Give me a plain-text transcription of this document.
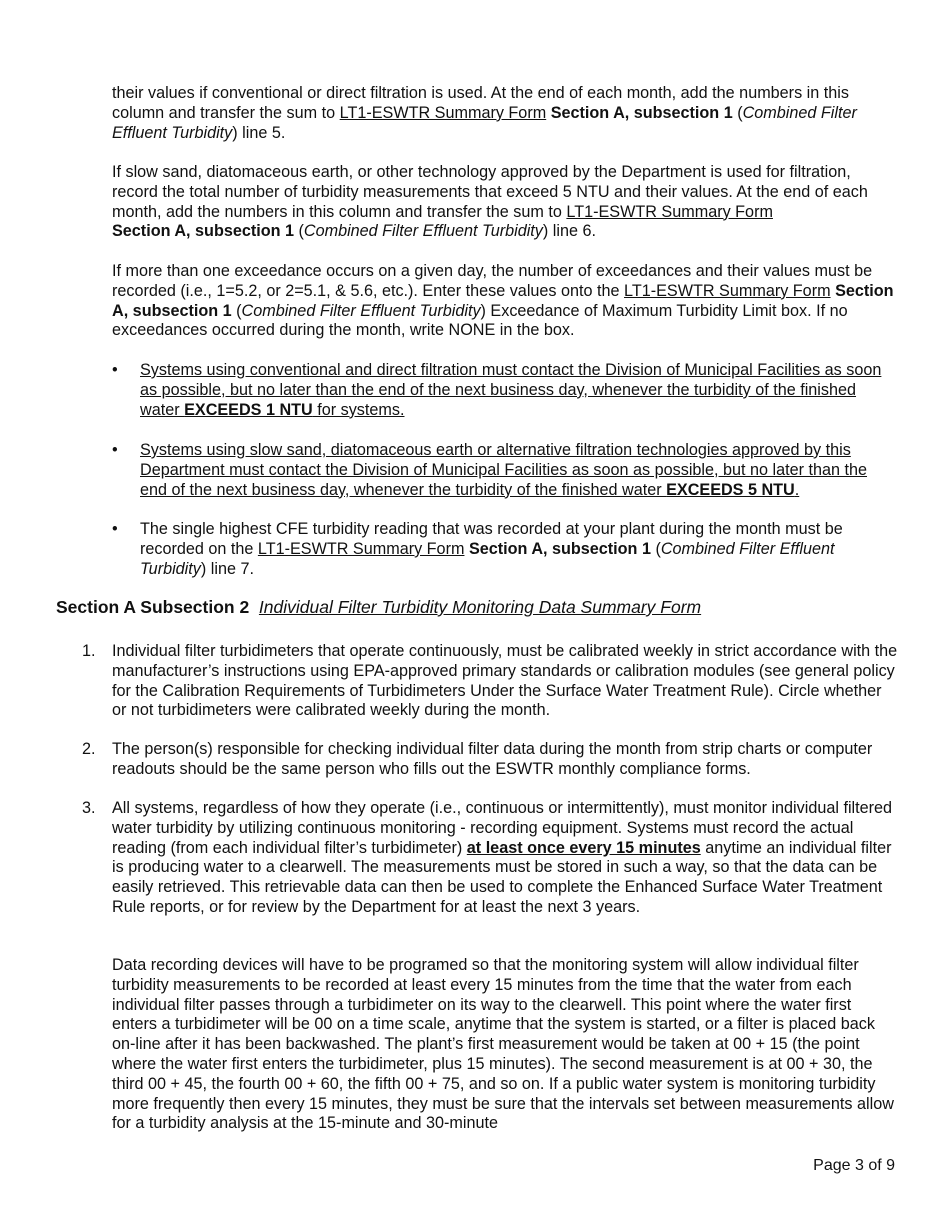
their values if conventional or direct filtration is used. At the end of each month, add the numbers in this column and transfer the sum to LT1-ESWTR Summary Form Section A, subsection 1 (Combined Filter Effluent Turbidity) line 5.

If slow sand, diatomaceous earth, or other technology approved by the Department is used for filtration, record the total number of turbidity measurements that exceed 5 NTU and their values. At the end of each month, add the numbers in this column and transfer the sum to LT1-ESWTR Summary Form
Section A, subsection 1 (Combined Filter Effluent Turbidity) line 6.

If more than one exceedance occurs on a given day, the number of exceedances and their values must be recorded (i.e., 1=5.2, or 2=5.1, & 5.6, etc.). Enter these values onto the LT1-ESWTR Summary Form Section A, subsection 1 (Combined Filter Effluent Turbidity) Exceedance of Maximum Turbidity Limit box. If no exceedances occurred during the month, write NONE in the box.

•	Systems using conventional and direct filtration must contact the Division of Municipal Facilities as soon as possible, but no later than the end of the next business day, whenever the turbidity of the finished water EXCEEDS 1 NTU for systems.

•	Systems using slow sand, diatomaceous earth or alternative filtration technologies approved by this Department must contact the Division of Municipal Facilities as soon as possible, but no later than the end of the next business day, whenever the turbidity of the finished water EXCEEDS 5 NTU.

•	The single highest CFE turbidity reading that was recorded at your plant during the month must be recorded on the LT1-ESWTR Summary Form Section A, subsection 1 (Combined Filter Effluent Turbidity) line 7.

Section A Subsection 2 Individual Filter Turbidity Monitoring Data Summary Form
1.	Individual filter turbidimeters that operate continuously, must be calibrated weekly in strict accordance with the manufacturer’s instructions using EPA-approved primary standards or calibration modules (see general policy for the Calibration Requirements of Turbidimeters Under the Surface Water Treatment Rule). Circle whether or not turbidimeters were calibrated weekly during the month.

2.	The person(s) responsible for checking individual filter data during the month from strip charts or computer readouts should be the same person who fills out the ESWTR monthly compliance forms.

3.	All systems, regardless of how they operate (i.e., continuous or intermittently), must monitor individual filtered water turbidity by utilizing continuous monitoring - recording equipment. Systems must record the actual reading (from each individual filter’s turbidimeter) at least once every 15 minutes anytime an individual filter is producing water to a clearwell. The measurements must be stored in such a way, so that the data can be easily retrieved. This retrievable data can then be used to complete the Enhanced Surface Water Treatment Rule reports, or for review by the Department for at least the next 3 years.

Data recording devices will have to be programed so that the monitoring system will allow individual filter turbidity measurements to be recorded at least every 15 minutes from the time that the water from each individual filter passes through a turbidimeter on its way to the clearwell. This point where the water first enters a turbidimeter will be 00 on a time scale, anytime that the system is started, or a filter is placed back on-line after it has been backwashed. The plant’s first measurement would be taken at 00 + 15 (the point where the water first enters the turbidimeter, plus 15 minutes). The second measurement is at 00 + 30, the third 00 + 45, the fourth 00 + 60, the fifth 00 + 75, and so on. If a public water system is monitoring turbidity more frequently then every 15 minutes, they must be sure that the intervals set between measurements allow for a turbidity analysis at the 15-minute and 30-minute

Page 3 of 9
